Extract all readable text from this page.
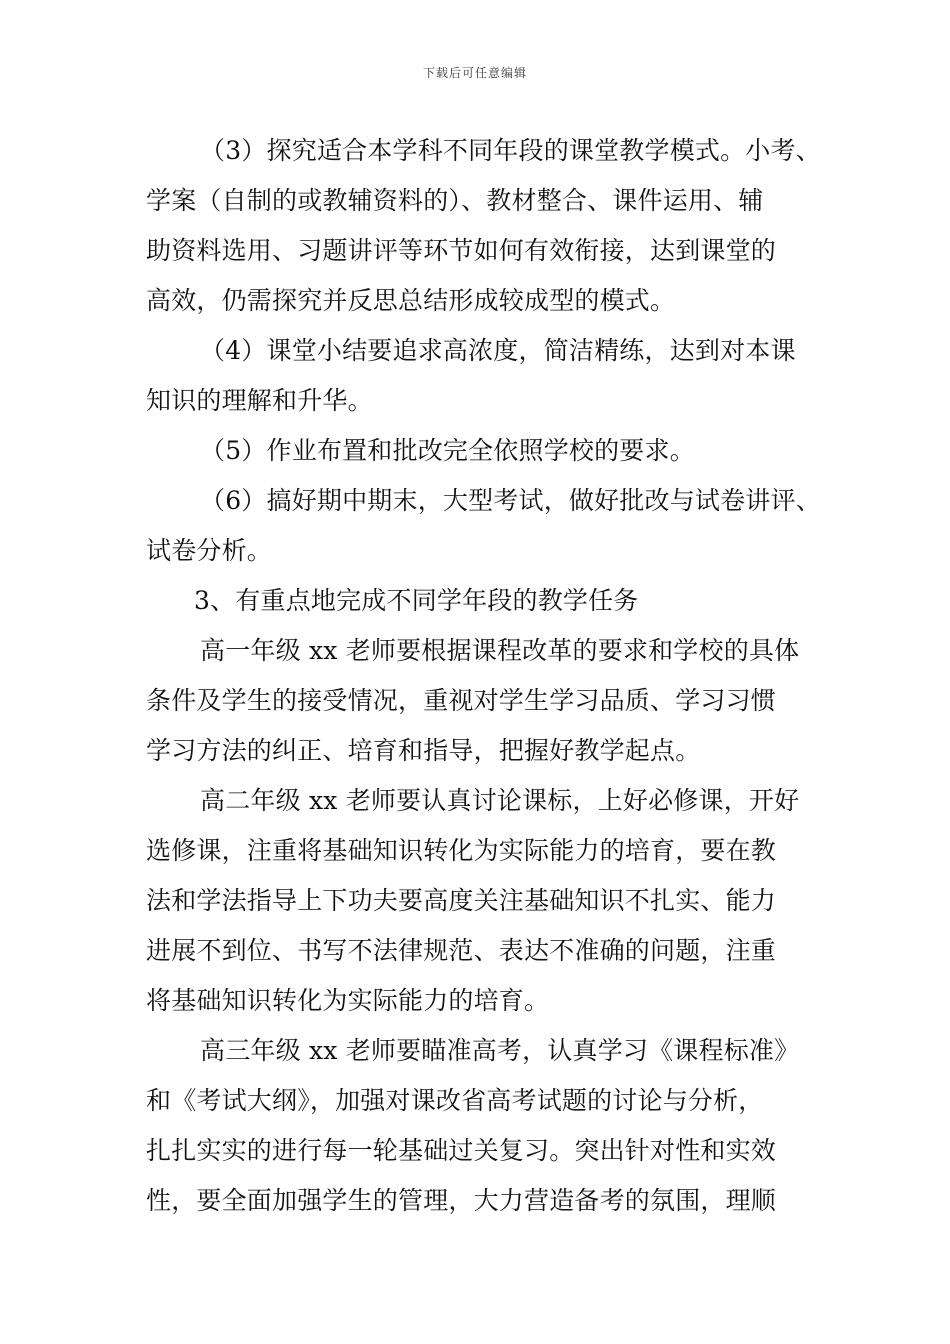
下载后可任意编辑
（3）探究适合本学科不同年段的课堂教学模式。小考、
学案（自制的或教辅资料的）、教材整合、课件运用、辅
助资料选用、习题讲评等环节如何有效衔接，达到课堂的
高效，仍需探究并反思总结形成较成型的模式。
（4）课堂小结要追求高浓度，简洁精练，达到对本课
知识的理解和升华。
（5）作业布置和批改完全依照学校的要求。
（6）搞好期中期末，大型考试，做好批改与试卷讲评、
试卷分析。
3、有重点地完成不同学年段的教学任务
高一年级 xx 老师要根据课程改革的要求和学校的具体
条件及学生的接受情况，重视对学生学习品质、学习习惯
学习方法的纠正、培育和指导，把握好教学起点。
高二年级 xx 老师要认真讨论课标，上好必修课，开好
选修课，注重将基础知识转化为实际能力的培育，要在教
法和学法指导上下功夫要高度关注基础知识不扎实、能力
进展不到位、书写不法律规范、表达不准确的问题，注重
将基础知识转化为实际能力的培育。
高三年级 xx 老师要瞄准高考，认真学习《课程标准》
和《考试大纲》，加强对课改省高考试题的讨论与分析，
扎扎实实的进行每一轮基础过关复习。突出针对性和实效
性，要全面加强学生的管理，大力营造备考的氛围，理顺
